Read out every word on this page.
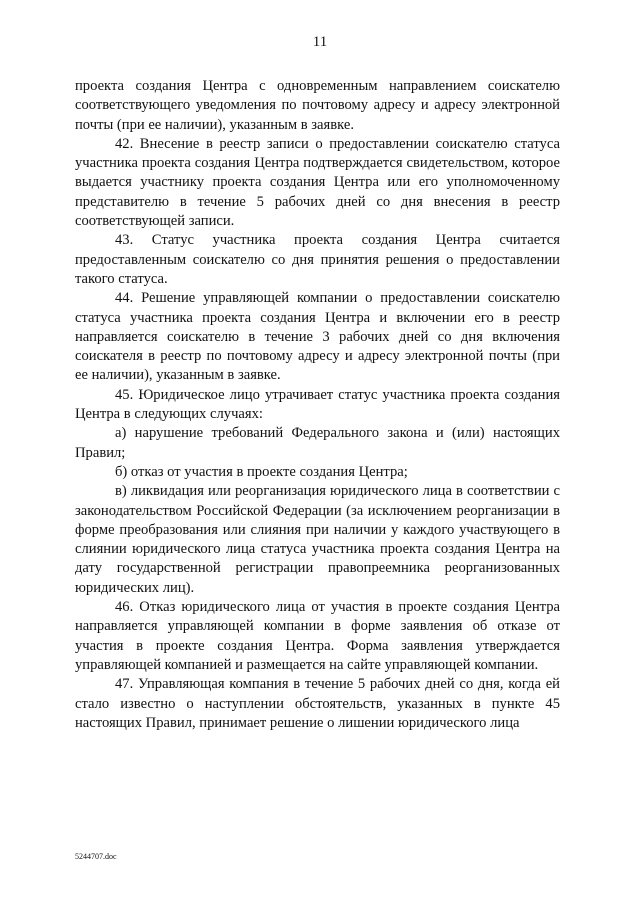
11

проекта создания Центра с одновременным направлением соискателю соответствующего уведомления по почтовому адресу и адресу электронной почты (при ее наличии), указанным в заявке.

42. Внесение в реестр записи о предоставлении соискателю статуса участника проекта создания Центра подтверждается свидетельством, которое выдается участнику проекта создания Центра или его уполномоченному представителю в течение 5 рабочих дней со дня внесения в реестр соответствующей записи.

43. Статус участника проекта создания Центра считается предоставленным соискателю со дня принятия решения о предоставлении такого статуса.

44. Решение управляющей компании о предоставлении соискателю статуса участника проекта создания Центра и включении его в реестр направляется соискателю в течение 3 рабочих дней со дня включения соискателя в реестр по почтовому адресу и адресу электронной почты (при ее наличии), указанным в заявке.

45. Юридическое лицо утрачивает статус участника проекта создания Центра в следующих случаях:

а) нарушение требований Федерального закона и (или) настоящих Правил;

б) отказ от участия в проекте создания Центра;

в) ликвидация или реорганизация юридического лица в соответствии с законодательством Российской Федерации (за исключением реорганизации в форме преобразования или слияния при наличии у каждого участвующего в слиянии юридического лица статуса участника проекта создания Центра на дату государственной регистрации правопреемника реорганизованных юридических лиц).

46. Отказ юридического лица от участия в проекте создания Центра направляется управляющей компании в форме заявления об отказе от участия в проекте создания Центра. Форма заявления утверждается управляющей компанией и размещается на сайте управляющей компании.

47. Управляющая компания в течение 5 рабочих дней со дня, когда ей стало известно о наступлении обстоятельств, указанных в пункте 45 настоящих Правил, принимает решение о лишении юридического лица

5244707.doc
